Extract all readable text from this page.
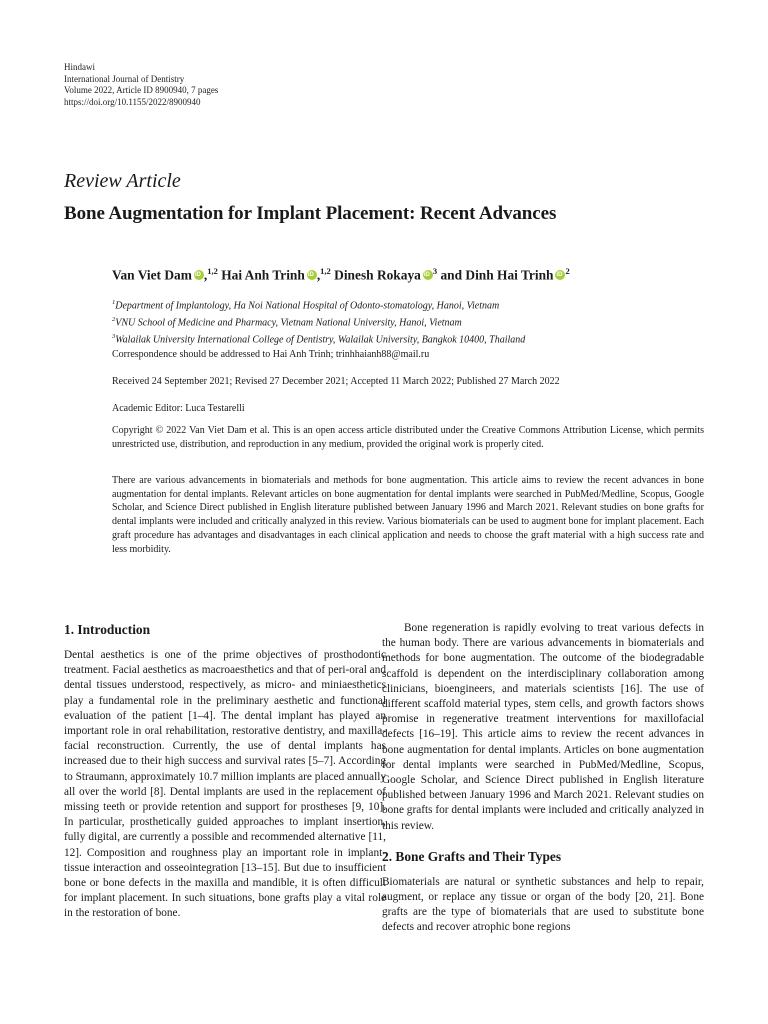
Hindawi
International Journal of Dentistry
Volume 2022, Article ID 8900940, 7 pages
https://doi.org/10.1155/2022/8900940
Review Article
Bone Augmentation for Implant Placement: Recent Advances
Van Viet Dam iD ,$^{1,2}$ Hai Anh Trinh iD ,$^{1,2}$ Dinesh Rokaya iD $^3$ and Dinh Hai Trinh iD $^2$
$^1$Department of Implantology, Ha Noi National Hospital of Odonto-stomatology, Hanoi, Vietnam
$^2$VNU School of Medicine and Pharmacy, Vietnam National University, Hanoi, Vietnam
$^3$Walailak University International College of Dentistry, Walailak University, Bangkok 10400, Thailand
Correspondence should be addressed to Hai Anh Trinh; trinhhaianh88@mail.ru
Received 24 September 2021; Revised 27 December 2021; Accepted 11 March 2022; Published 27 March 2022
Academic Editor: Luca Testarelli
Copyright © 2022 Van Viet Dam et al. This is an open access article distributed under the Creative Commons Attribution License, which permits unrestricted use, distribution, and reproduction in any medium, provided the original work is properly cited.
There are various advancements in biomaterials and methods for bone augmentation. This article aims to review the recent advances in bone augmentation for dental implants. Relevant articles on bone augmentation for dental implants were searched in PubMed/Medline, Scopus, Google Scholar, and Science Direct published in English literature published between January 1996 and March 2021. Relevant studies on bone grafts for dental implants were included and critically analyzed in this review. Various biomaterials can be used to augment bone for implant placement. Each graft procedure has advantages and disadvantages in each clinical application and needs to choose the graft material with a high success rate and less morbidity.
1. Introduction

Dental aesthetics is one of the prime objectives of prosthodontic treatment. Facial aesthetics as macroaesthetics and that of peri-oral and dental tissues understood, respectively, as micro- and miniaesthetics play a fundamental role in the preliminary aesthetic and functional evaluation of the patient [1–4]. The dental implant has played an important role in oral rehabilitation, restorative dentistry, and maxilla-facial reconstruction. Currently, the use of dental implants has increased due to their high success and survival rates [5–7]. According to Straumann, approximately 10.7 million implants are placed annually all over the world [8]. Dental implants are used in the replacement of missing teeth or provide retention and support for prostheses [9, 10]. In particular, prosthetically guided approaches to implant insertion, fully digital, are currently a possible and recommended alternative [11, 12]. Composition and roughness play an important role in implant-tissue interaction and osseointegration [13–15]. But due to insufficient bone or bone defects in the maxilla and mandible, it is often difficult for implant placement. In such situations, bone grafts play a vital role in the restoration of bone.

Bone regeneration is rapidly evolving to treat various defects in the human body. There are various advancements in biomaterials and methods for bone augmentation. The outcome of the biodegradable scaffold is dependent on the interdisciplinary collaboration among clinicians, bioengineers, and materials scientists [16]. The use of different scaffold material types, stem cells, and growth factors shows promise in regenerative treatment interventions for maxillofacial defects [16–19]. This article aims to review the recent advances in bone augmentation for dental implants. Articles on bone augmentation for dental implants were searched in PubMed/Medline, Scopus, Google Scholar, and Science Direct published in English literature published between January 1996 and March 2021. Relevant studies on bone grafts for dental implants were included and critically analyzed in this review.

2. Bone Grafts and Their Types

Biomaterials are natural or synthetic substances and help to repair, augment, or replace any tissue or organ of the body [20, 21]. Bone grafts are the type of biomaterials that are used to substitute bone defects and recover atrophic bone regions
